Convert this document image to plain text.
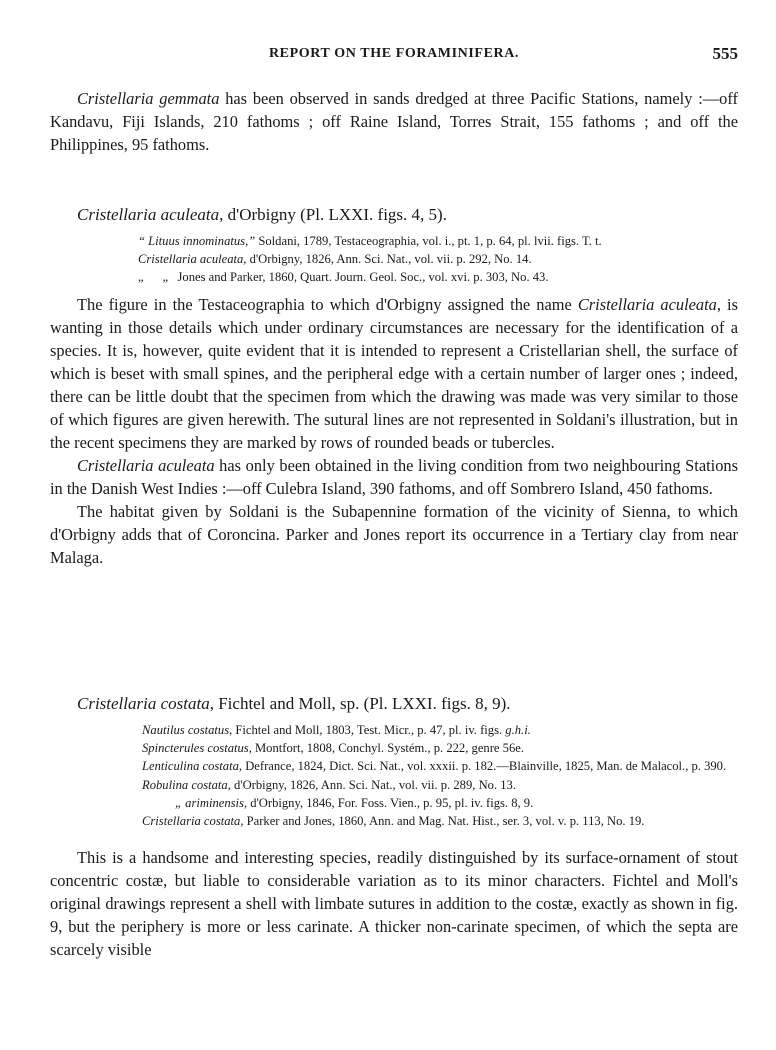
REPORT ON THE FORAMINIFERA.	555

Cristellaria gemmata has been observed in sands dredged at three Pacific Stations, namely :—off Kandavu, Fiji Islands, 210 fathoms ; off Raine Island, Torres Strait, 155 fathoms ; and off the Philippines, 95 fathoms.

Cristellaria aculeata, d'Orbigny (Pl. LXXI. figs. 4, 5).
“ Lituus innominatus,” Soldani, 1789, Testaceographia, vol. i., pt. 1, p. 64, pl. lvii. figs. T. t.
Cristellaria aculeata, d'Orbigny, 1826, Ann. Sci. Nat., vol. vii. p. 292, No. 14.
„      „   Jones and Parker, 1860, Quart. Journ. Geol. Soc., vol. xvi. p. 303, No. 43.

The figure in the Testaceographia to which d'Orbigny assigned the name Cristellaria aculeata, is wanting in those details which under ordinary circumstances are necessary for the identification of a species. It is, however, quite evident that it is intended to represent a Cristellarian shell, the surface of which is beset with small spines, and the peripheral edge with a certain number of larger ones ; indeed, there can be little doubt that the specimen from which the drawing was made was very similar to those of which figures are given herewith. The sutural lines are not represented in Soldani's illustration, but in the recent specimens they are marked by rows of rounded beads or tubercles.

Cristellaria aculeata has only been obtained in the living condition from two neighbouring Stations in the Danish West Indies :—off Culebra Island, 390 fathoms, and off Sombrero Island, 450 fathoms.

The habitat given by Soldani is the Subapennine formation of the vicinity of Sienna, to which d'Orbigny adds that of Coroncina. Parker and Jones report its occurrence in a Tertiary clay from near Malaga.

Cristellaria costata, Fichtel and Moll, sp. (Pl. LXXI. figs. 8, 9).
Nautilus costatus, Fichtel and Moll, 1803, Test. Micr., p. 47, pl. iv. figs. g.h.i.
Spincterules costatus, Montfort, 1808, Conchyl. Systém., p. 222, genre 56e.
Lenticulina costata, Defrance, 1824, Dict. Sci. Nat., vol. xxxii. p. 182.—Blainville, 1825, Man. de Malacol., p. 390.
Robulina costata, d'Orbigny, 1826, Ann. Sci. Nat., vol. vii. p. 289, No. 13.
„ ariminensis, d'Orbigny, 1846, For. Foss. Vien., p. 95, pl. iv. figs. 8, 9.
Cristellaria costata, Parker and Jones, 1860, Ann. and Mag. Nat. Hist., ser. 3, vol. v. p. 113, No. 19.

This is a handsome and interesting species, readily distinguished by its surface-ornament of stout concentric costæ, but liable to considerable variation as to its minor characters. Fichtel and Moll's original drawings represent a shell with limbate sutures in addition to the costæ, exactly as shown in fig. 9, but the periphery is more or less carinate. A thicker non-carinate specimen, of which the septa are scarcely visible
